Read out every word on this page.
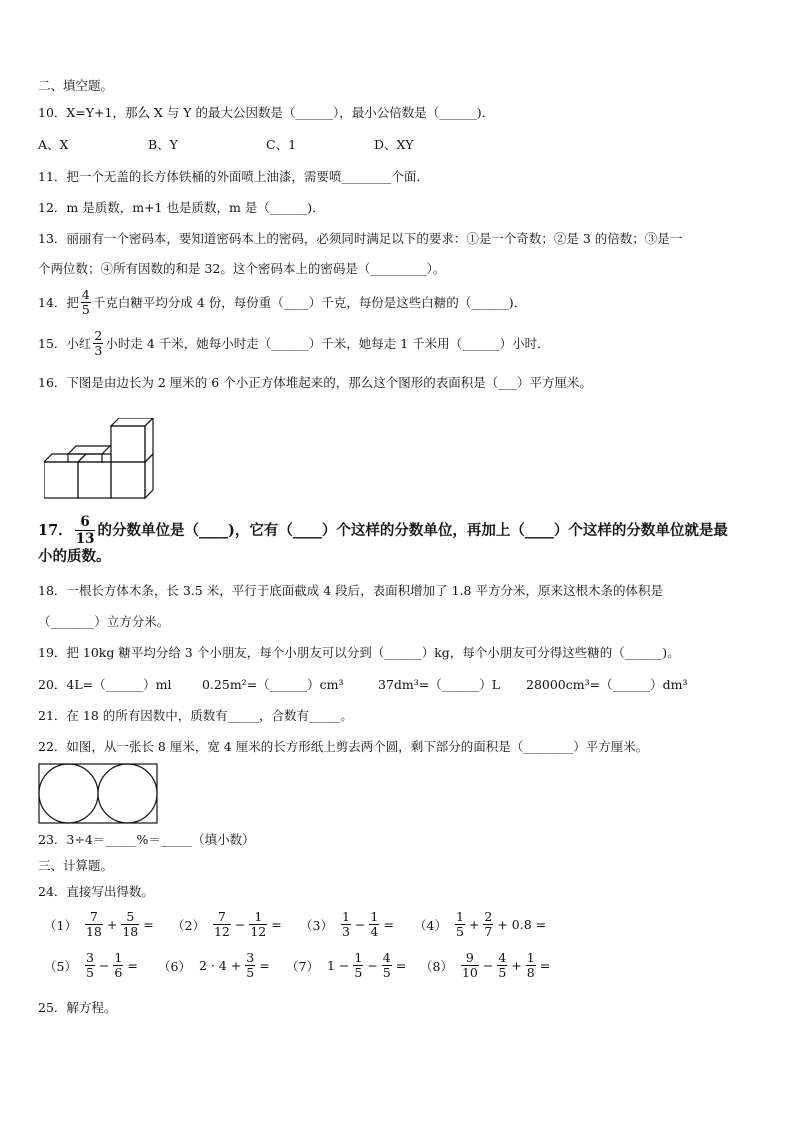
二、填空题。
10．X=Y+1，那么 X 与 Y 的最大公因数是（______），最小公倍数是（______)．
A、X	B、Y	C、1	D、XY
11．把一个无盖的长方体铁桶的外面喷上油漆，需要喷________个面．
12．m 是质数，m+1 也是质数，m 是（______)．
13．丽丽有一个密码本，要知道密码本上的密码，必须同时满足以下的要求：①是一个奇数；②是 3 的倍数；③是一
个两位数；④所有因数的和是 32。这个密码本上的密码是（_________）。
14．把 $\frac{4}{5}$ 千克白糖平均分成 4 份，每份重（____）千克，每份是这些白糖的（______)．
15．小红 $\frac{2}{3}$ 小时走 4 千米，她每小时走（______）千米，她每走 1 千米用（______）小时．
16．下图是由边长为 2 厘米的 6 个小正方体堆起来的，那么这个图形的表面积是（___）平方厘米。
17． $\frac{6}{13}$ 的分数单位是（____)，它有（____）个这样的分数单位，再加上（____）个这样的分数单位就是最
小的质数。
18．一根长方体木条，长 3.5 米，平行于底面截成 4 段后，表面积增加了 1.8 平方分米，原来这根木条的体积是
（_______）立方分米。
19．把 10kg 糖平均分给 3 个小朋友，每个小朋友可以分到（______）kg，每个小朋友可分得这些糖的（______)。
20．4L=（______）ml 0.25m²=（______）cm³	37dm³=（______）L 28000cm³=（______）dm³
21．在 18 的所有因数中，质数有_____，合数有_____。
22．如图，从一张长 8 厘米，宽 4 厘米的长方形纸上剪去两个圆，剩下部分的面积是（________）平方厘米。
23．3÷4＝_____%＝_____（填小数）
三、计算题。
24．直接写出得数。
$(1) \frac{7}{18} + \frac{5}{18} = (2) \frac{7}{12} - \frac{1}{12} = (3) \frac{1}{3} - \frac{1}{4} = (4) \frac{1}{5} + \frac{2}{7} + 0.8$ =
$(5) \frac{3}{5} - \frac{1}{6} = (6) 2 \cdot 4 + \frac{3}{5} = (7) 1 - \frac{1}{5} - \frac{4}{5} = (8) \frac{9}{10} - \frac{4}{5} + \frac{1}{8}$ =
25．解方程。
